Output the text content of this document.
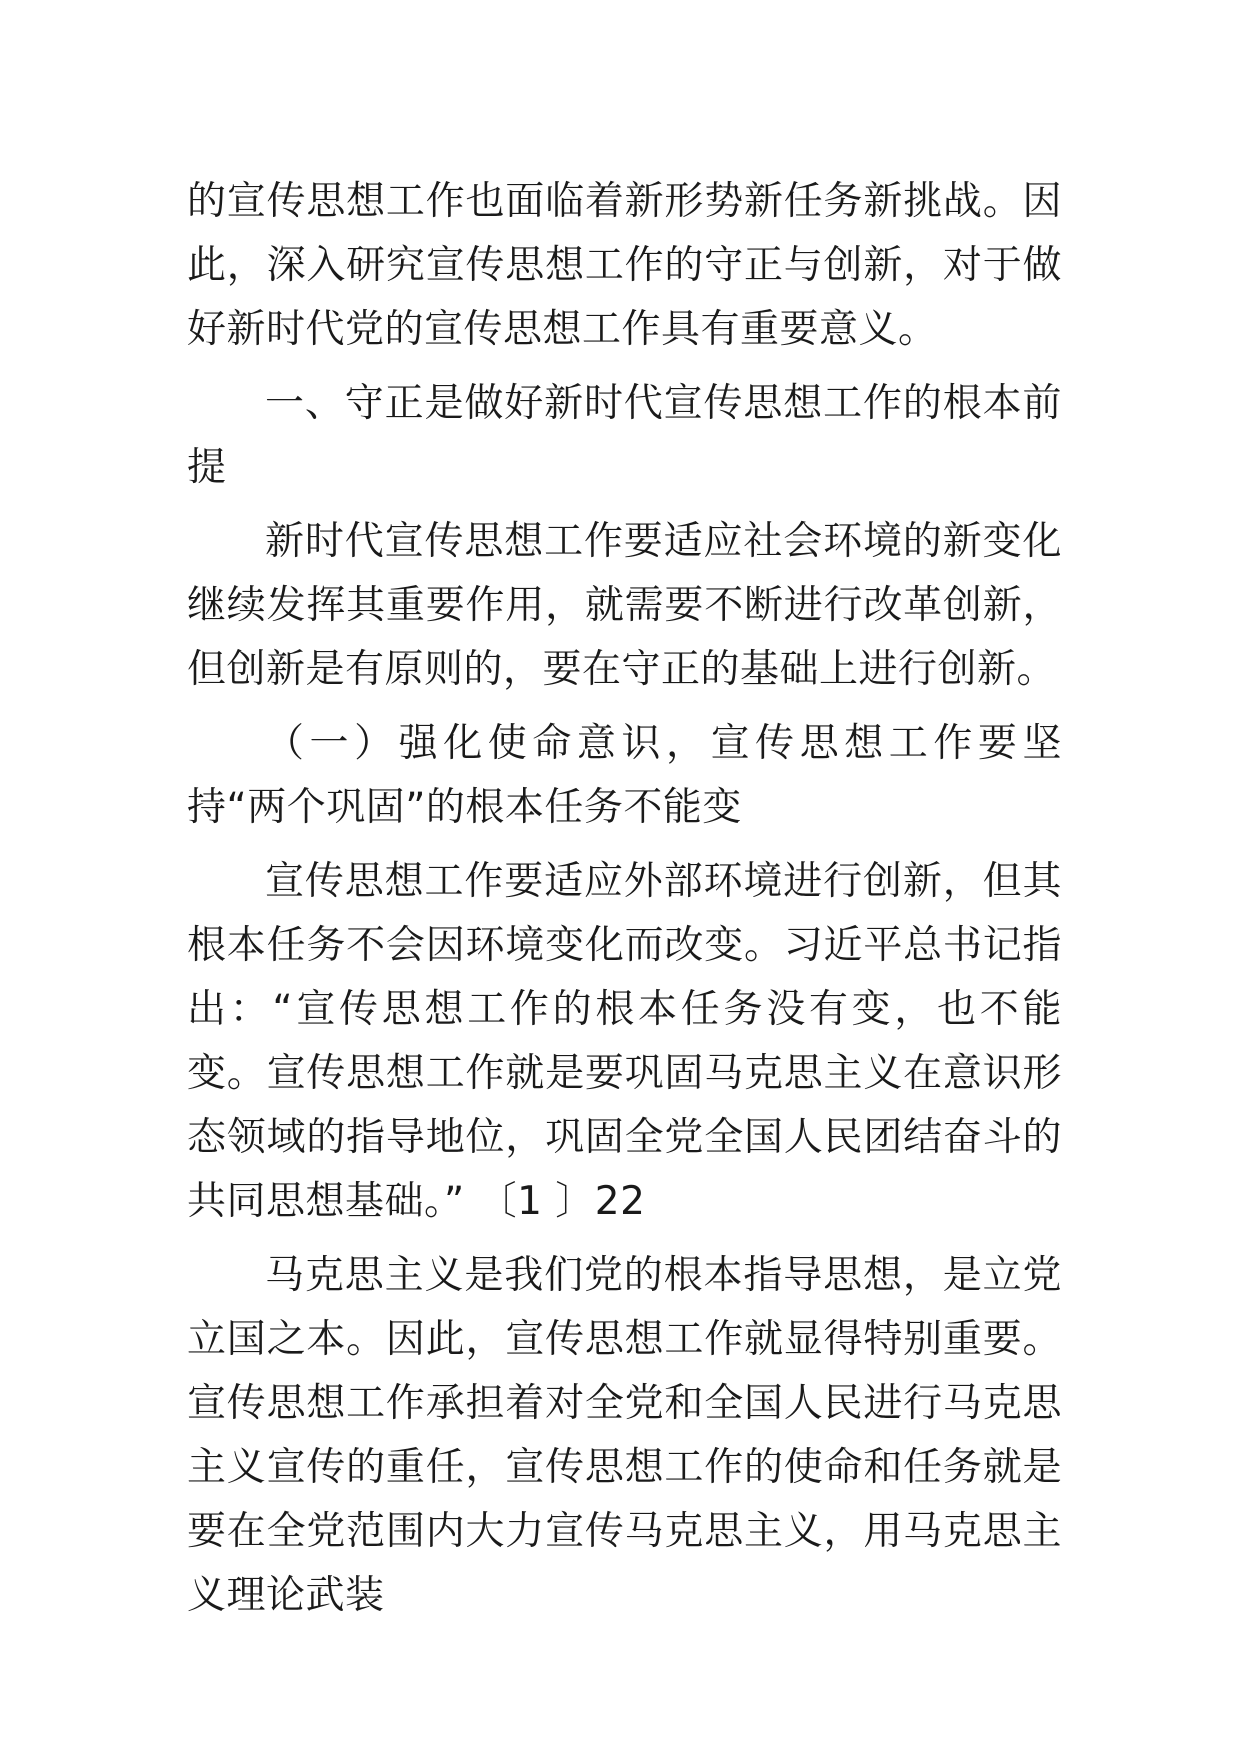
的宣传思想工作也面临着新形势新任务新挑战。因此，深入研究宣传思想工作的守正与创新，对于做好新时代党的宣传思想工作具有重要意义。

一、守正是做好新时代宣传思想工作的根本前提

新时代宣传思想工作要适应社会环境的新变化继续发挥其重要作用，就需要不断进行改革创新，但创新是有原则的，要在守正的基础上进行创新。

（一）强化使命意识，宣传思想工作要坚持“两个巩固”的根本任务不能变

宣传思想工作要适应外部环境进行创新，但其根本任务不会因环境变化而改变。习近平总书记指出：“宣传思想工作的根本任务没有变，也不能变。宣传思想工作就是要巩固马克思主义在意识形态领域的指导地位，巩固全党全国人民团结奋斗的共同思想基础。” 〔1 〕22

马克思主义是我们党的根本指导思想，是立党立国之本。因此，宣传思想工作就显得特别重要。宣传思想工作承担着对全党和全国人民进行马克思主义宣传的重任，宣传思想工作的使命和任务就是要在全党范围内大力宣传马克思主义，用马克思主义理论武装
